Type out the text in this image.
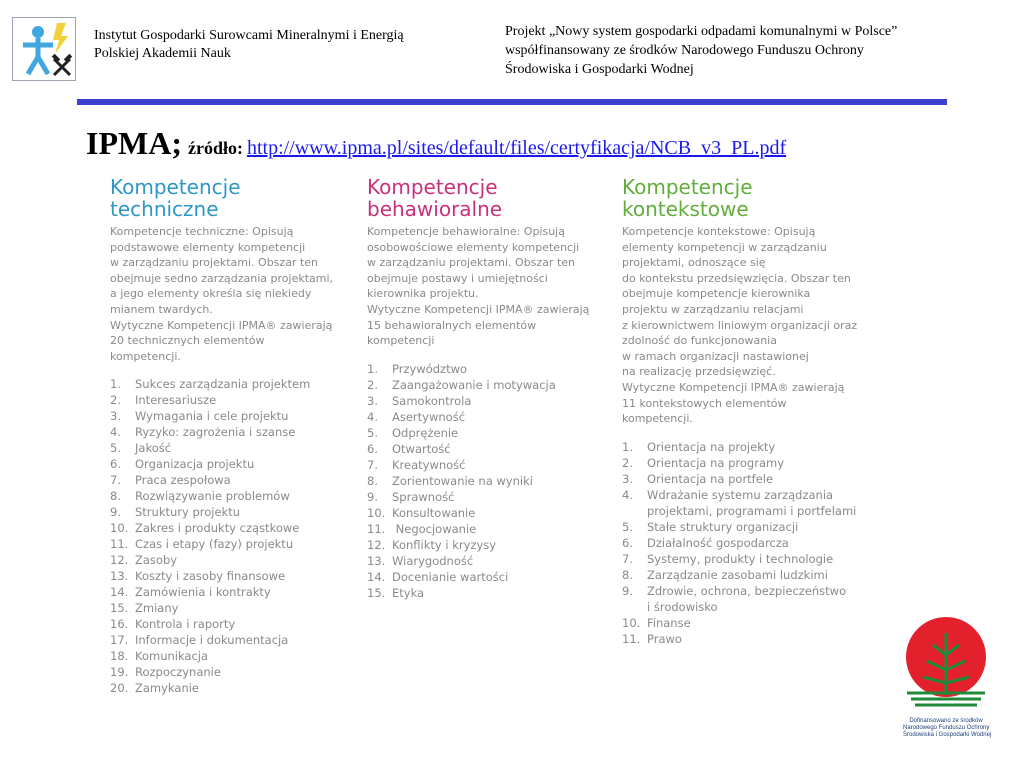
Instytut Gospodarki Surowcami Mineralnymi i Energią
Polskiej Akademii Nauk
Projekt „Nowy system gospodarki odpadami komunalnymi w Polsce”
współfinansowany ze środków Narodowego Funduszu Ochrony
Środowiska i Gospodarki Wodnej
IPMA; źródło: http://www.ipma.pl/sites/default/files/certyfikacja/NCB_v3_PL.pdf
Kompetencje
techniczne

Kompetencje techniczne: Opisują

podstawowe elementy kompetencji

w zarządzaniu projektami. Obszar ten

obejmuje sedno zarządzania projektami,

a jego elementy określa się niekiedy

mianem twardych.

Wytyczne Kompetencji IPMA® zawierają

20 technicznych elementów

kompetencji.

1. Sukces zarządzania projektem
2. Interesariusze
3. Wymagania i cele projektu
4. Ryzyko: zagrożenia i szanse
5. Jakość
6. Organizacja projektu
7. Praca zespołowa
8. Rozwiązywanie problemów
9. Struktury projektu
10. Zakres i produkty cząstkowe
11. Czas i etapy (fazy) projektu
12. Zasoby
13. Koszty i zasoby finansowe
14. Zamówienia i kontrakty
15. Zmiany
16. Kontrola i raporty
17. Informacje i dokumentacja
18. Komunikacja
19. Rozpoczynanie
20. Zamykanie
Kompetencje
behawioralne

Kompetencje behawioralne: Opisują

osobowościowe elementy kompetencji

w zarządzaniu projektami. Obszar ten

obejmuje postawy i umiejętności

kierownika projektu.

Wytyczne Kompetencji IPMA® zawierają

15 behawioralnych elementów

kompetencji

1. Przywództwo
2. Zaangażowanie i motywacja
3. Samokontrola
4. Asertywność
5. Odprężenie
6. Otwartość
7. Kreatywność
8. Zorientowanie na wyniki
9. Sprawność
10. Konsultowanie
11. Negocjowanie
12. Konflikty i kryzysy
13. Wiarygodność
14. Docenianie wartości
15. Etyka
Kompetencje
kontekstowe

Kompetencje kontekstowe: Opisują

elementy kompetencji w zarządzaniu

projektami, odnoszące się

do kontekstu przedsięwzięcia. Obszar ten

obejmuje kompetencje kierownika

projektu w zarządzaniu relacjami

z kierownictwem liniowym organizacji oraz

zdolność do funkcjonowania

w ramach organizacji nastawionej

na realizację przedsięwzięć.

Wytyczne Kompetencji IPMA® zawierają

11 kontekstowych elementów

kompetencji.

1. Orientacja na projekty
2. Orientacja na programy
3. Orientacja na portfele
4. Wdrażanie systemu zarządzania
projektami, programami i portfelami
5. Stałe struktury organizacji
6. Działalność gospodarcza
7. Systemy, produkty i technologie
8. Zarządzanie zasobami ludzkimi
9. Zdrowie, ochrona, bezpieczeństwo
i środowisko
10. Finanse
11. Prawo
Dofinansowano ze środków
Narodowego Funduszu Ochrony
Środowiska i Gospodarki Wodnej
